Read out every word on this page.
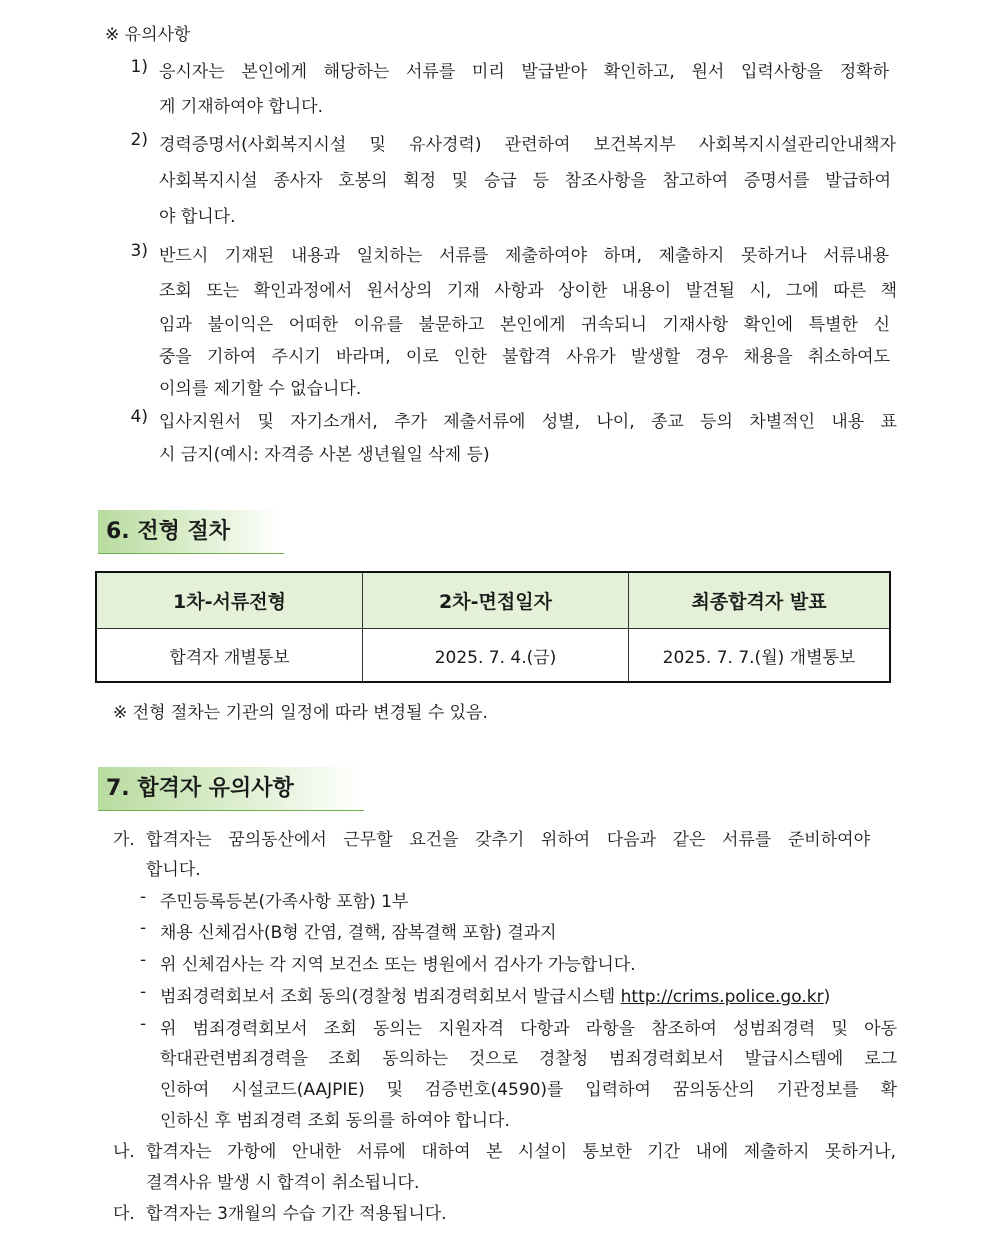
※ 유의사항
1) 응시자는 본인에게 해당하는 서류를 미리 발급받아 확인하고, 원서 입력사항을 정확하
게 기재하여야 합니다.
2) 경력증명서(사회복지시설 및 유사경력) 관련하여 보건복지부 사회복지시설관리안내책자
사회복지시설 종사자 호봉의 획정 및 승급 등 참조사항을 참고하여 증명서를 발급하여
야 합니다.
3) 반드시 기재된 내용과 일치하는 서류를 제출하여야 하며, 제출하지 못하거나 서류내용
조회 또는 확인과정에서 원서상의 기재 사항과 상이한 내용이 발견될 시, 그에 따른 책
임과 불이익은 어떠한 이유를 불문하고 본인에게 귀속되니 기재사항 확인에 특별한 신
중을 기하여 주시기 바라며, 이로 인한 불합격 사유가 발생할 경우 채용을 취소하여도
이의를 제기할 수 없습니다.
4) 입사지원서 및 자기소개서, 추가 제출서류에 성별, 나이, 종교 등의 차별적인 내용 표
시 금지(예시: 자격증 사본 생년월일 삭제 등)
6. 전형 절차
1차-서류전형	2차-면접일자	최종합격자 발표
합격자 개별통보	2025. 7. 4.(금)	2025. 7. 7.(월) 개별통보
※ 전형 절차는 기관의 일정에 따라 변경될 수 있음.
7. 합격자 유의사항
가. 합격자는 꿈의동산에서 근무할 요건을 갖추기 위하여 다음과 같은 서류를 준비하여야
합니다.
- 주민등록등본(가족사항 포함) 1부
- 채용 신체검사(B형 간염, 결핵, 잠복결핵 포함) 결과지
- 위 신체검사는 각 지역 보건소 또는 병원에서 검사가 가능합니다.
- 범죄경력회보서 조회 동의(경찰청 범죄경력회보서 발급시스템 http://crims.police.go.kr)
- 위 범죄경력회보서 조회 동의는 지원자격 다항과 라항을 참조하여 성범죄경력 및 아동
학대관련범죄경력을 조회 동의하는 것으로 경찰청 범죄경력회보서 발급시스템에 로그
인하여 시설코드(AAJPIE) 및 검증번호(4590)를 입력하여 꿈의동산의 기관정보를 확
인하신 후 범죄경력 조회 동의를 하여야 합니다.
나. 합격자는 가항에 안내한 서류에 대하여 본 시설이 통보한 기간 내에 제출하지 못하거나,
결격사유 발생 시 합격이 취소됩니다.
다. 합격자는 3개월의 수습 기간 적용됩니다.
